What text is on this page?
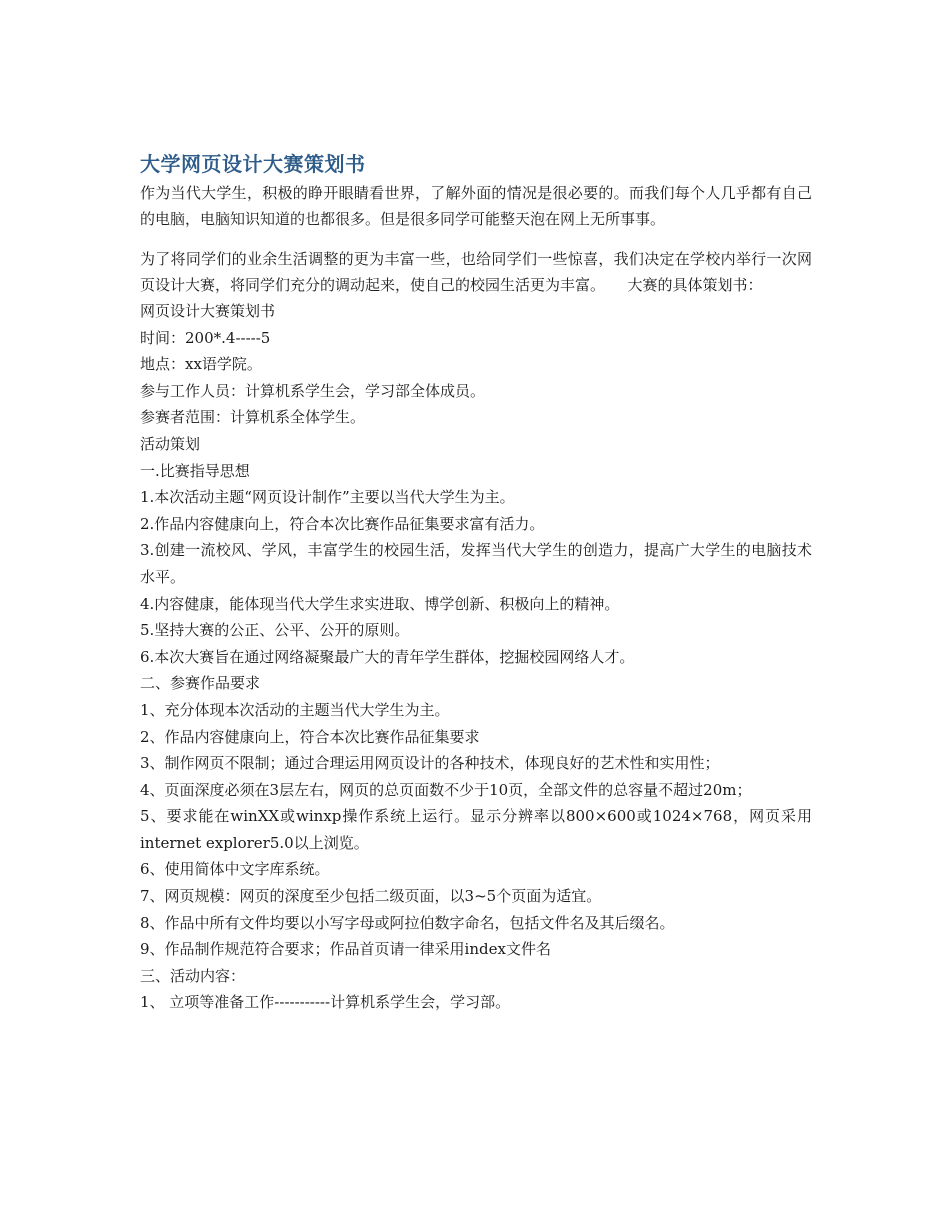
大学网页设计大赛策划书

作为当代大学生，积极的睁开眼睛看世界，了解外面的情况是很必要的。而我们每个人几乎都有自己的电脑，电脑知识知道的也都很多。但是很多同学可能整天泡在网上无所事事。

为了将同学们的业余生活调整的更为丰富一些，也给同学们一些惊喜，我们决定在学校内举行一次网页设计大赛，将同学们充分的调动起来，使自己的校园生活更为丰富。　　大赛的具体策划书：

网页设计大赛策划书

时间：200*.4-----5

地点：xx语学院。

参与工作人员：计算机系学生会，学习部全体成员。

参赛者范围：计算机系全体学生。

活动策划

一.比赛指导思想

1.本次活动主题“网页设计制作”主要以当代大学生为主。

2.作品内容健康向上，符合本次比赛作品征集要求富有活力。

3.创建一流校风、学风，丰富学生的校园生活，发挥当代大学生的创造力，提高广大学生的电脑技术水平。

4.内容健康，能体现当代大学生求实进取、博学创新、积极向上的精神。

5.坚持大赛的公正、公平、公开的原则。

6.本次大赛旨在通过网络凝聚最广大的青年学生群体，挖掘校园网络人才。

二、参赛作品要求

1、充分体现本次活动的主题当代大学生为主。

2、作品内容健康向上，符合本次比赛作品征集要求

3、制作网页不限制；通过合理运用网页设计的各种技术，体现良好的艺术性和实用性；

4、页面深度必须在3层左右，网页的总页面数不少于10页，全部文件的总容量不超过20m；

5、要求能在winXX或winxp操作系统上运行。显示分辨率以800×600或1024×768，网页采用internet explorer5.0以上浏览。

6、使用简体中文字库系统。

7、网页规模：网页的深度至少包括二级页面，以3~5个页面为适宜。

8、作品中所有文件均要以小写字母或阿拉伯数字命名，包括文件名及其后缀名。

9、作品制作规范符合要求；作品首页请一律采用index文件名

三、活动内容：

1、 立项等准备工作-----------计算机系学生会，学习部。
